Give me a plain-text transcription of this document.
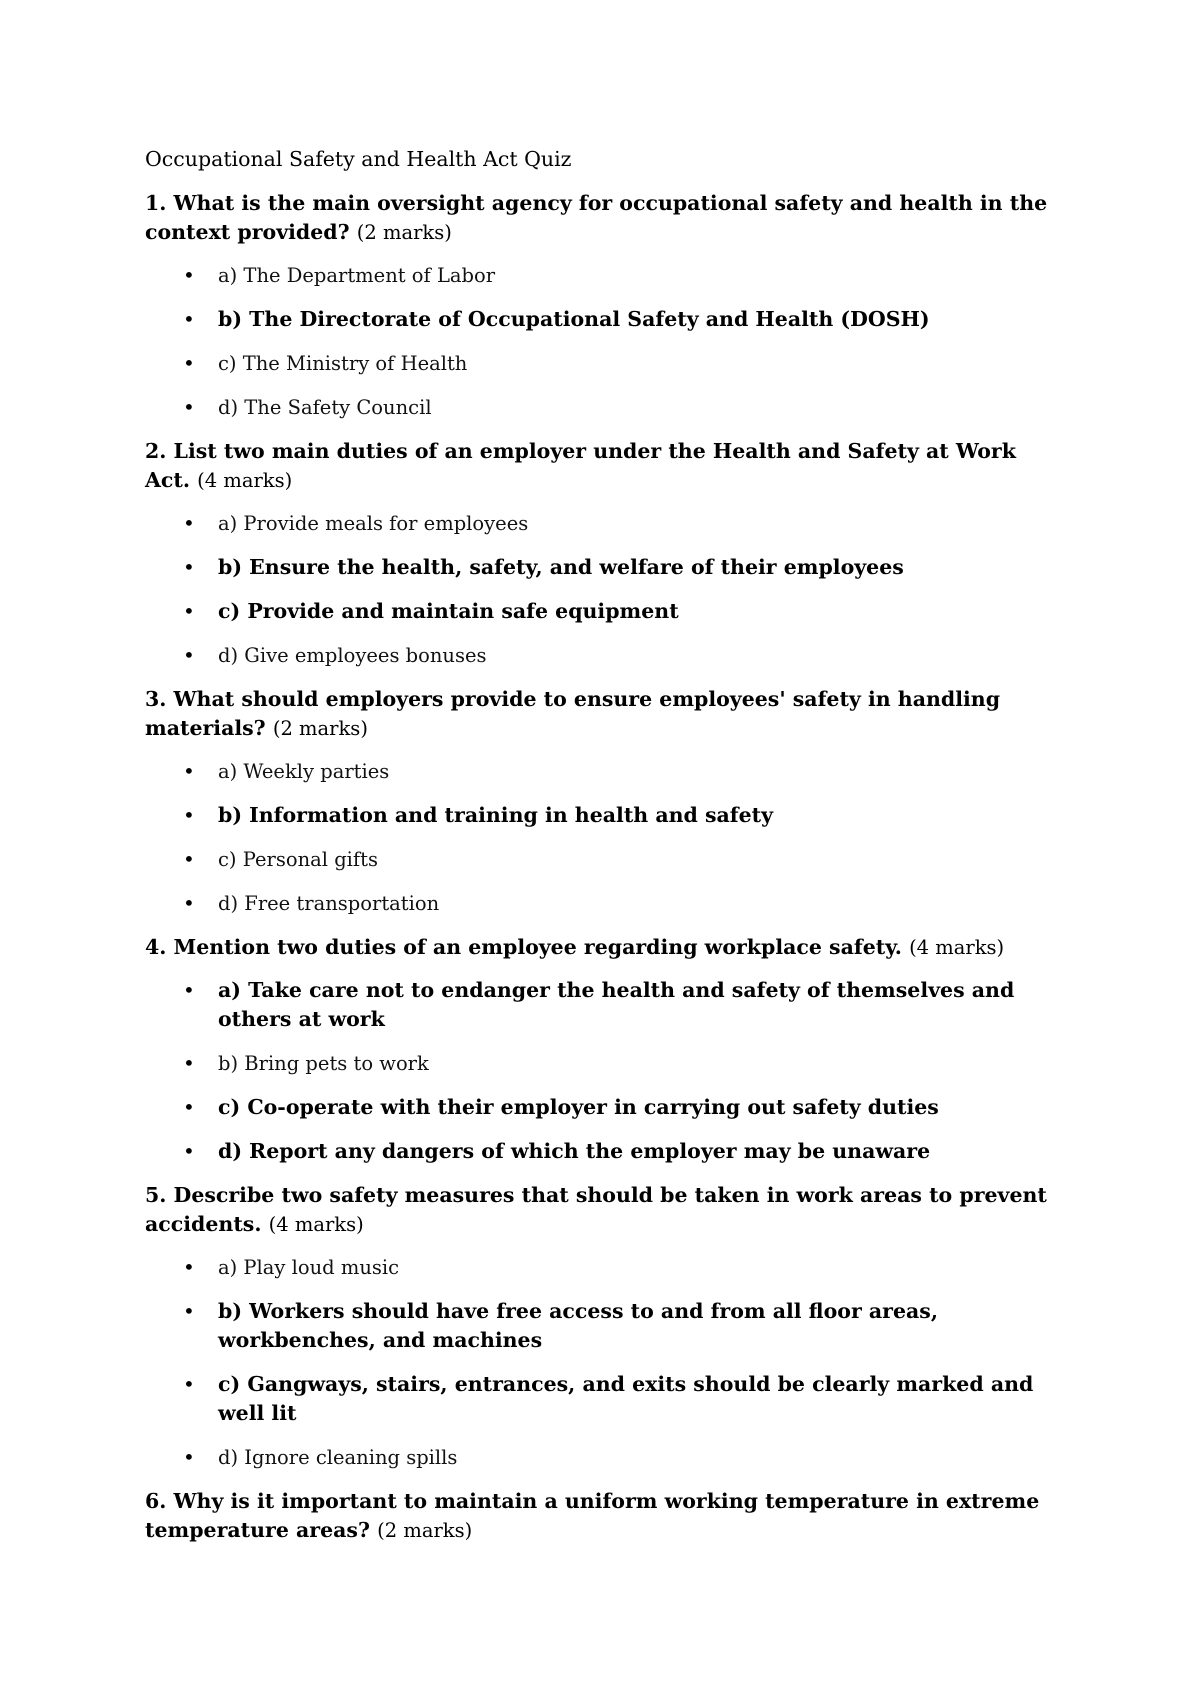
Occupational Safety and Health Act Quiz

1. What is the main oversight agency for occupational safety and health in the context provided? (2 marks)

• a) The Department of Labor
• b) The Directorate of Occupational Safety and Health (DOSH)
• c) The Ministry of Health
• d) The Safety Council

2. List two main duties of an employer under the Health and Safety at Work Act. (4 marks)

• a) Provide meals for employees
• b) Ensure the health, safety, and welfare of their employees
• c) Provide and maintain safe equipment
• d) Give employees bonuses

3. What should employers provide to ensure employees' safety in handling materials? (2 marks)

• a) Weekly parties
• b) Information and training in health and safety
• c) Personal gifts
• d) Free transportation

4. Mention two duties of an employee regarding workplace safety. (4 marks)

• a) Take care not to endanger the health and safety of themselves and others at work
• b) Bring pets to work
• c) Co-operate with their employer in carrying out safety duties
• d) Report any dangers of which the employer may be unaware

5. Describe two safety measures that should be taken in work areas to prevent accidents. (4 marks)

• a) Play loud music
• b) Workers should have free access to and from all floor areas, workbenches, and machines
• c) Gangways, stairs, entrances, and exits should be clearly marked and well lit
• d) Ignore cleaning spills

6. Why is it important to maintain a uniform working temperature in extreme temperature areas? (2 marks)
